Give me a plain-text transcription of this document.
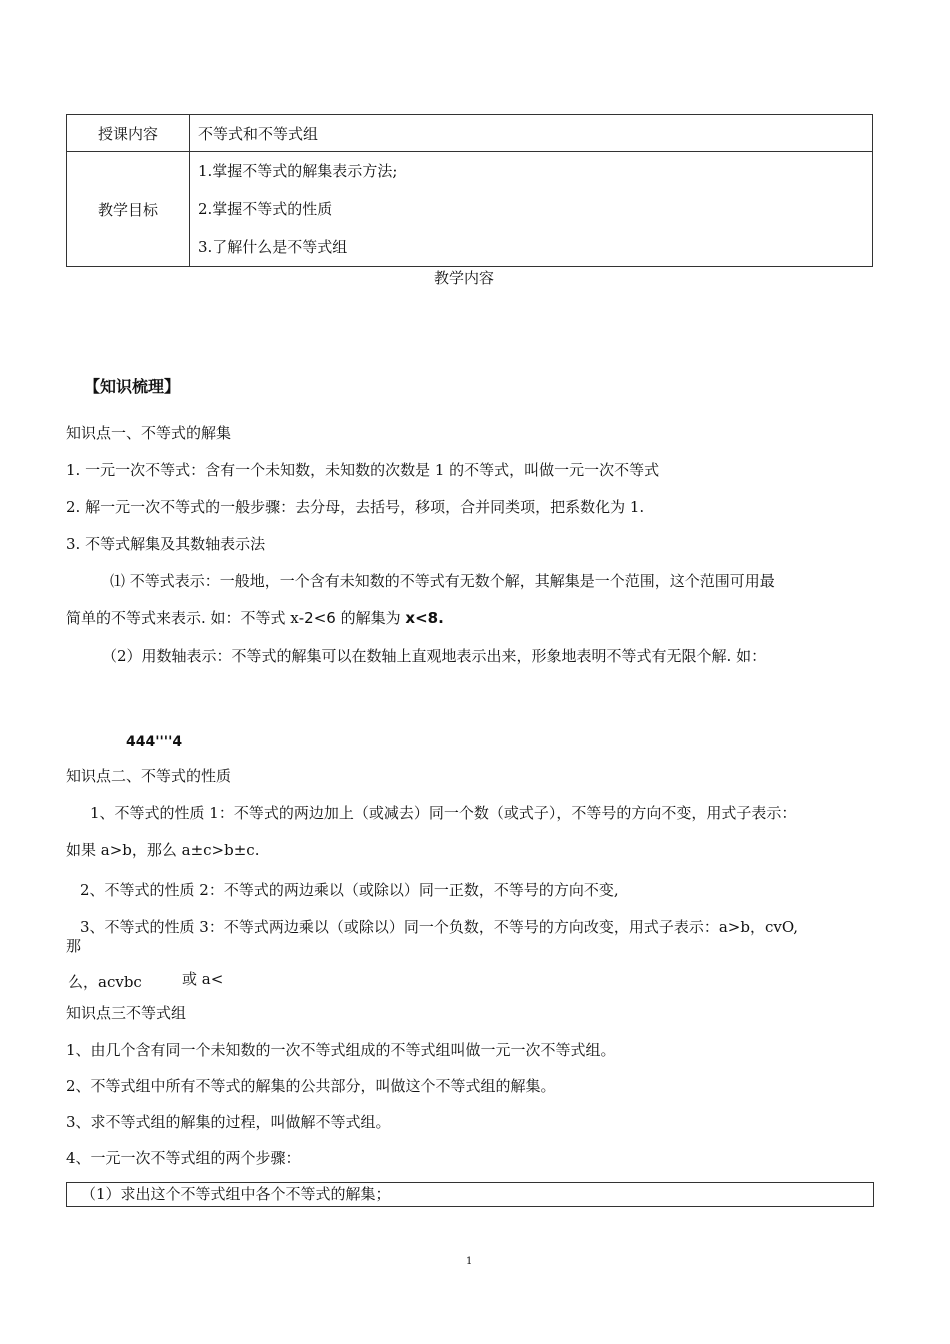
授课内容	不等式和不等式组
教学目标	1.掌握不等式的解集表示方法;
2.掌握不等式的性质
3.了解什么是不等式组
教学内容
【知识梳理】
知识点一、不等式的解集
1. 一元一次不等式：含有一个未知数，未知数的次数是 1 的不等式，叫做一元一次不等式
2. 解一元一次不等式的一般步骤：去分母，去括号，移项，合并同类项，把系数化为 1.
3. 不等式解集及其数轴表示法
⑴ 不等式表示：一般地，一个含有未知数的不等式有无数个解，其解集是一个范围，这个范围可用最
简单的不等式来表示. 如：不等式 x-2<6 的解集为 x<8.
（2）用数轴表示：不等式的解集可以在数轴上直观地表示出来，形象地表明不等式有无限个解. 如：
444''''4
知识点二、不等式的性质
1、不等式的性质 1：不等式的两边加上（或减去）同一个数（或式子），不等号的方向不变，用式子表示：
如果 a>b，那么 a±c>b±c.
2、不等式的性质 2：不等式的两边乘以（或除以）同一正数，不等号的方向不变,
3、不等式的性质 3：不等式两边乘以（或除以）同一个负数，不等号的方向改变，用式子表示：a>b，cvO,
那
么，acvbc	或 a<
知识点三不等式组
1、由几个含有同一个未知数的一次不等式组成的不等式组叫做一元一次不等式组。
2、不等式组中所有不等式的解集的公共部分，叫做这个不等式组的解集。
3、求不等式组的解集的过程，叫做解不等式组。
4、一元一次不等式组的两个步骤：
（1）求出这个不等式组中各个不等式的解集；
1
